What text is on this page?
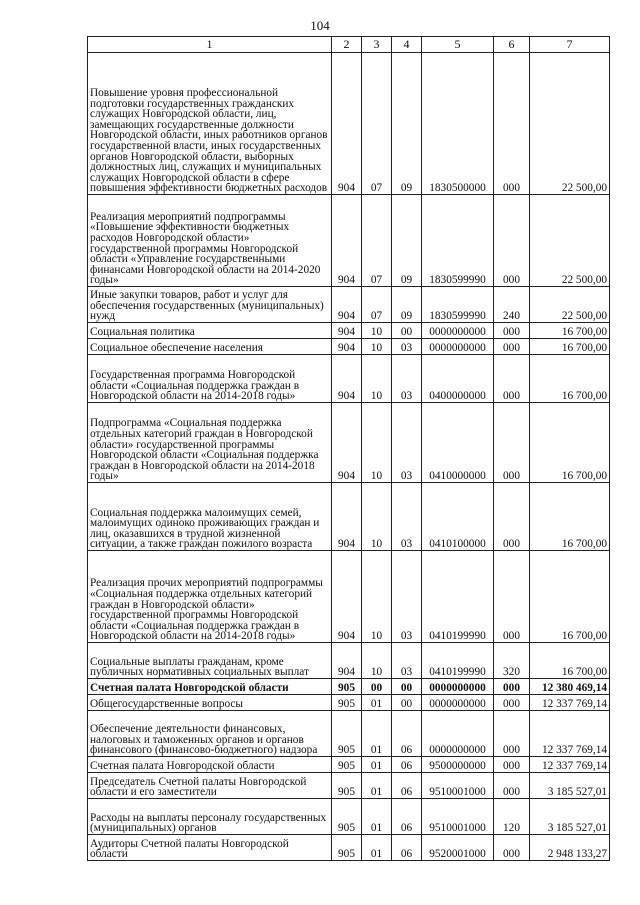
104
1	2	3	4	5	6	7
Повышение уровня профессиональной подготовки государственных гражданских служащих Новгородской области, лиц, замещающих государственные должности Новгородской области, иных работников органов государственной власти, иных государственных органов Новгородской области, выборных должностных лиц, служащих и муниципальных служащих Новгородской области в сфере повышения эффективности бюджетных расходов	904	07	09	1830500000	000	22 500,00
Реализация мероприятий подпрограммы «Повышение эффективности бюджетных расходов Новгородской области» государственной программы Новгородской области «Управление государственными финансами Новгородской области на 2014-2020 годы»	904	07	09	1830599990	000	22 500,00
Иные закупки товаров, работ и услуг для обеспечения государственных (муниципальных) нужд	904	07	09	1830599990	240	22 500,00
Социальная политика	904	10	00	0000000000	000	16 700,00
Социальное обеспечение населения	904	10	03	0000000000	000	16 700,00
Государственная программа Новгородской области «Социальная поддержка граждан в Новгородской области на 2014-2018 годы»	904	10	03	0400000000	000	16 700,00
Подпрограмма «Социальная поддержка отдельных категорий граждан в Новгородской области» государственной программы Новгородской области «Социальная поддержка граждан в Новгородской области на 2014-2018 годы»	904	10	03	0410000000	000	16 700,00
Социальная поддержка малоимущих семей, малоимущих одиноко проживающих граждан и лиц, оказавшихся в трудной жизненной ситуации, а также граждан пожилого возраста	904	10	03	0410100000	000	16 700,00
Реализация прочих мероприятий подпрограммы «Социальная поддержка отдельных категорий граждан в Новгородской области» государственной программы Новгородской области «Социальная поддержка граждан в Новгородской области на 2014-2018 годы»	904	10	03	0410199990	000	16 700,00
Социальные выплаты гражданам, кроме публичных нормативных социальных выплат	904	10	03	0410199990	320	16 700,00
Счетная палата Новгородской области	905	00	00	0000000000	000	12 380 469,14
Общегосударственные вопросы	905	01	00	0000000000	000	12 337 769,14
Обеспечение деятельности финансовых, налоговых и таможенных органов и органов финансового (финансово-бюджетного) надзора	905	01	06	0000000000	000	12 337 769,14
Счетная палата Новгородской области	905	01	06	9500000000	000	12 337 769,14
Председатель Счетной палаты Новгородской области и его заместители	905	01	06	9510001000	000	3 185 527,01
Расходы на выплаты персоналу государственных (муниципальных) органов	905	01	06	9510001000	120	3 185 527,01
Аудиторы Счетной палаты Новгородской области	905	01	06	9520001000	000	2 948 133,27
